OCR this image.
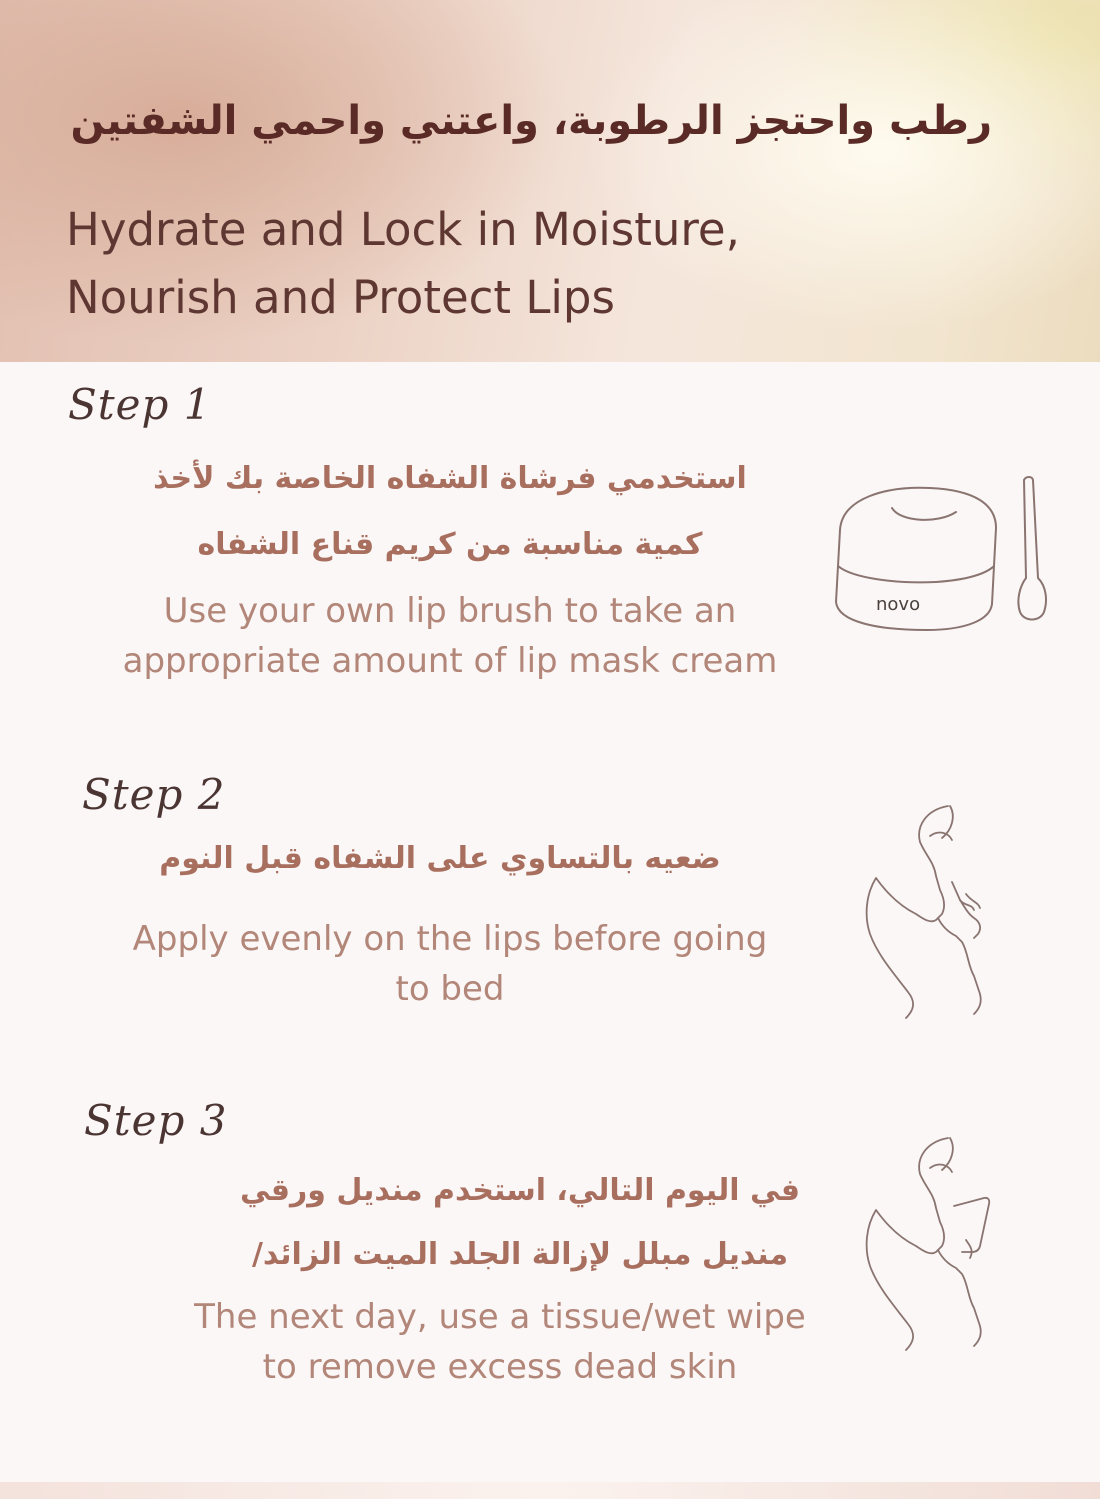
رطب واحتجز الرطوبة، واعتني واحمي الشفتين
Hydrate and Lock in Moisture,
Nourish and Protect Lips

Step 1

استخدمي فرشاة الشفاه الخاصة بك لأخذ

كمية مناسبة من كريم قناع الشفاه

Use your own lip brush to take an
appropriate amount of lip mask cream

novo

Step 2

ضعيه بالتساوي على الشفاه قبل النوم

Apply evenly on the lips before going
to bed

Step 3

في اليوم التالي، استخدم منديل ورقي

منديل مبلل لإزالة الجلد الميت الزائد/

The next day, use a tissue/wet wipe
to remove excess dead skin
